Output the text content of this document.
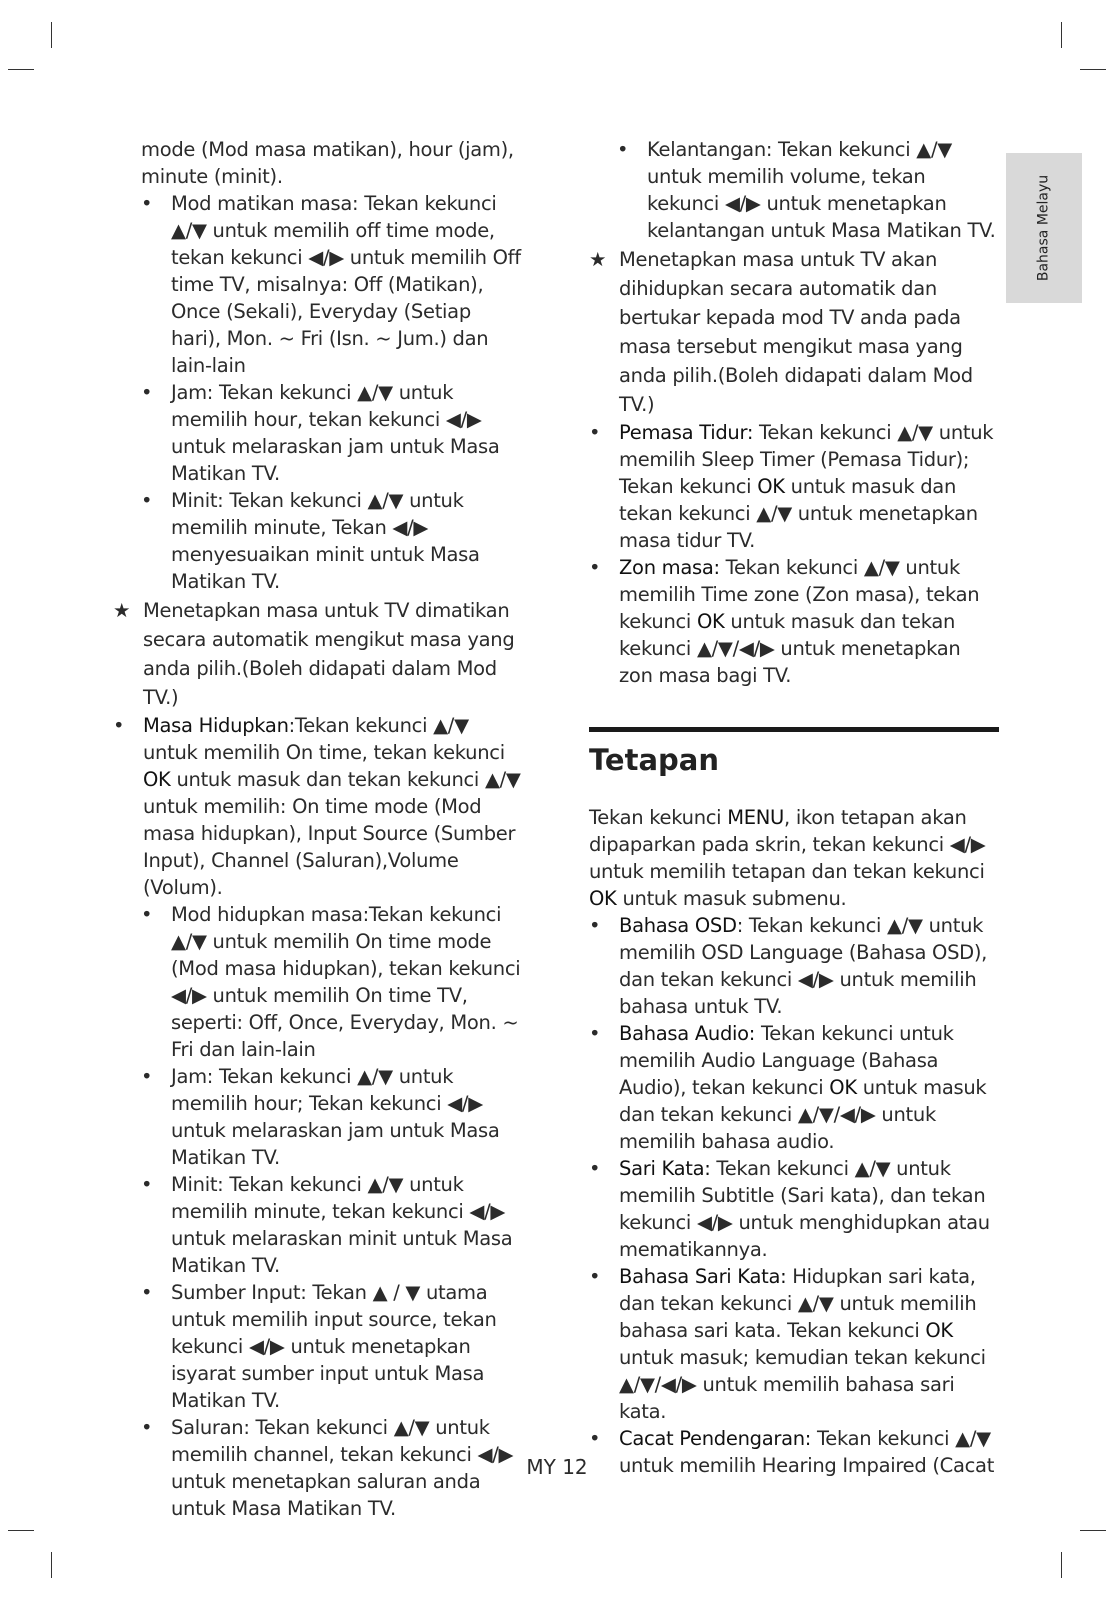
Bahasa Melayu

mode (Mod masa matikan), hour (jam),

minute (minit).

• Mod matikan masa: Tekan kekunci ▲/▼ untuk memilih off time mode, tekan kekunci ◀/▶ untuk memilih Off time TV, misalnya: Off (Matikan), Once (Sekali), Everyday (Setiap hari), Mon. ~ Fri (Isn. ~ Jum.) dan lain-lain
• Jam: Tekan kekunci ▲/▼ untuk memilih hour, tekan kekunci ◀/▶ untuk melaraskan jam untuk Masa Matikan TV.
• Minit: Tekan kekunci ▲/▼ untuk memilih minute, Tekan ◀/▶ menyesuaikan minit untuk Masa Matikan TV.
★ Menetapkan masa untuk TV dimatikan secara automatik mengikut masa yang anda pilih.(Boleh didapati dalam Mod TV.)
• Masa Hidupkan:Tekan kekunci ▲/▼ untuk memilih On time, tekan kekunci OK untuk masuk dan tekan kekunci ▲/▼ untuk memilih: On time mode (Mod masa hidupkan), Input Source (Sumber Input), Channel (Saluran),Volume (Volum).
• Mod hidupkan masa:Tekan kekunci ▲/▼ untuk memilih On time mode (Mod masa hidupkan), tekan kekunci ◀/▶ untuk memilih On time TV, seperti: Off, Once, Everyday, Mon. ~ Fri dan lain-lain
• Jam: Tekan kekunci ▲/▼ untuk memilih hour; Tekan kekunci ◀/▶ untuk melaraskan jam untuk Masa Matikan TV.
• Minit: Tekan kekunci ▲/▼ untuk memilih minute, tekan kekunci ◀/▶ untuk melaraskan minit untuk Masa Matikan TV.
• Sumber Input: Tekan ▲ / ▼ utama untuk memilih input source, tekan kekunci ◀/▶ untuk menetapkan isyarat sumber input untuk Masa Matikan TV.
• Saluran: Tekan kekunci ▲/▼ untuk memilih channel, tekan kekunci ◀/▶ untuk menetapkan saluran anda untuk Masa Matikan TV.
• Kelantangan: Tekan kekunci ▲/▼ untuk memilih volume, tekan kekunci ◀/▶ untuk menetapkan kelantangan untuk Masa Matikan TV.
★ Menetapkan masa untuk TV akan dihidupkan secara automatik dan bertukar kepada mod TV anda pada masa tersebut mengikut masa yang anda pilih.(Boleh didapati dalam Mod TV.)
• Pemasa Tidur: Tekan kekunci ▲/▼ untuk memilih Sleep Timer (Pemasa Tidur); Tekan kekunci OK untuk masuk dan tekan kekunci ▲/▼ untuk menetapkan masa tidur TV.
• Zon masa: Tekan kekunci ▲/▼ untuk memilih Time zone (Zon masa), tekan kekunci OK untuk masuk dan tekan kekunci ▲/▼/◀/▶ untuk menetapkan zon masa bagi TV.
Tetapan

Tekan kekunci MENU, ikon tetapan akan dipaparkan pada skrin, tekan kekunci ◀/▶ untuk memilih tetapan dan tekan kekunci OK untuk masuk submenu.

• Bahasa OSD: Tekan kekunci ▲/▼ untuk memilih OSD Language (Bahasa OSD), dan tekan kekunci ◀/▶ untuk memilih bahasa untuk TV.
• Bahasa Audio: Tekan kekunci untuk memilih Audio Language (Bahasa Audio), tekan kekunci OK untuk masuk dan tekan kekunci ▲/▼/◀/▶ untuk memilih bahasa audio.
• Sari Kata: Tekan kekunci ▲/▼ untuk memilih Subtitle (Sari kata), dan tekan kekunci ◀/▶ untuk menghidupkan atau mematikannya.
• Bahasa Sari Kata: Hidupkan sari kata, dan tekan kekunci ▲/▼ untuk memilih bahasa sari kata. Tekan kekunci OK untuk masuk; kemudian tekan kekunci ▲/▼/◀/▶ untuk memilih bahasa sari kata.
• Cacat Pendengaran: Tekan kekunci ▲/▼ untuk memilih Hearing Impaired (Cacat
MY 12
